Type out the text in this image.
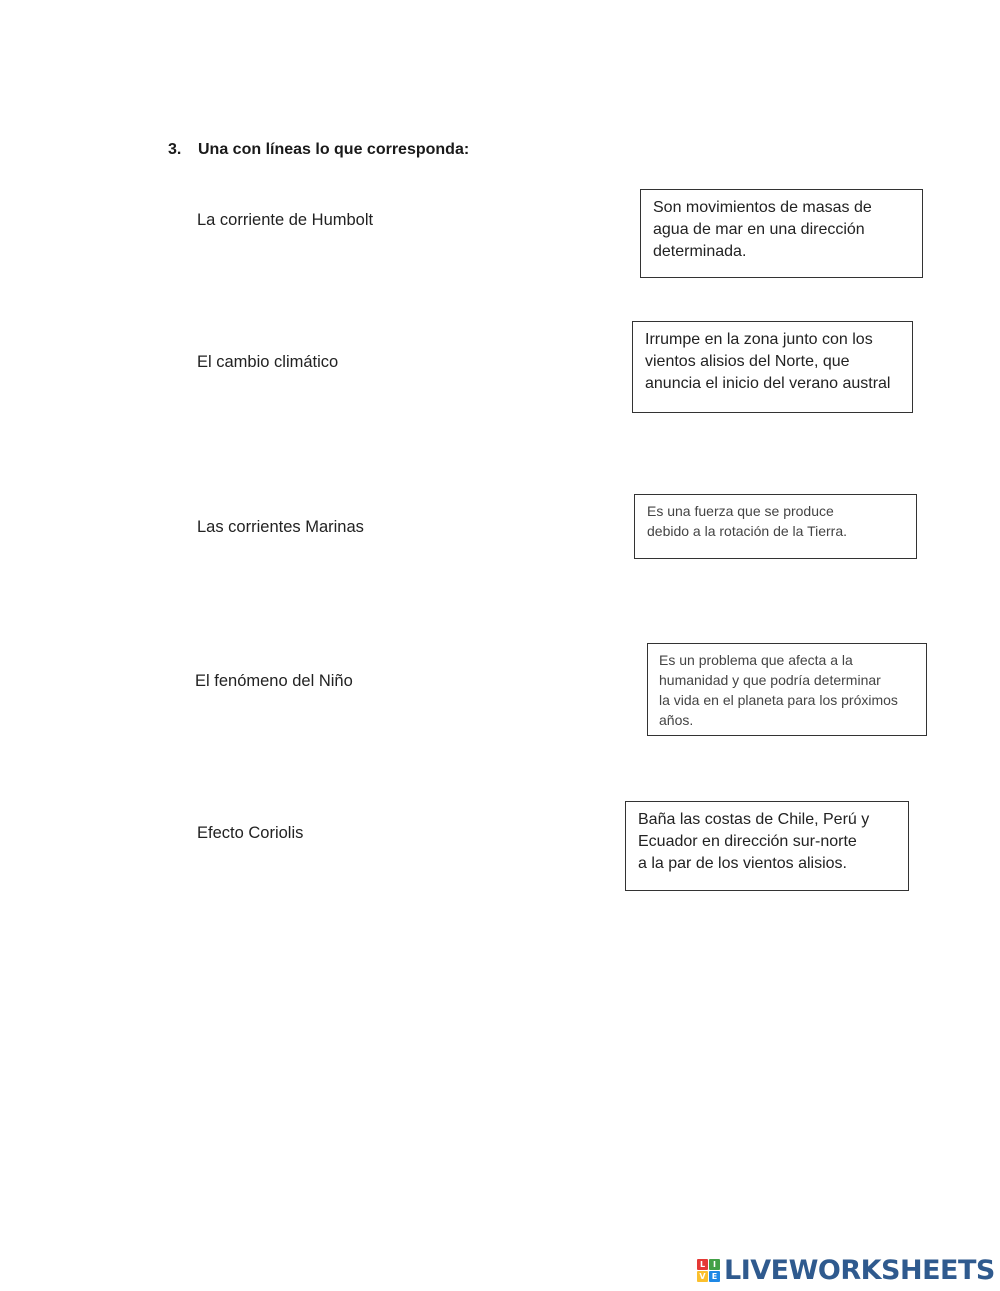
3. Una con líneas lo que corresponda:
La corriente de Humbolt
El cambio climático
Las corrientes Marinas
El fenómeno del Niño
Efecto Coriolis
Son movimientos de masas de
agua de mar en una dirección
determinada.
Irrumpe en la zona junto con los
vientos alisios del Norte, que
anuncia el inicio del verano austral
Es una fuerza que se produce
debido a la rotación de la Tierra.
Es un problema que afecta a la
humanidad y que podría determinar
la vida en el planeta para los próximos
años.
Baña las costas de Chile, Perú y
Ecuador en dirección sur-norte
a la par de los vientos alisios.
L I
V E LIVEWORKSHEETS
